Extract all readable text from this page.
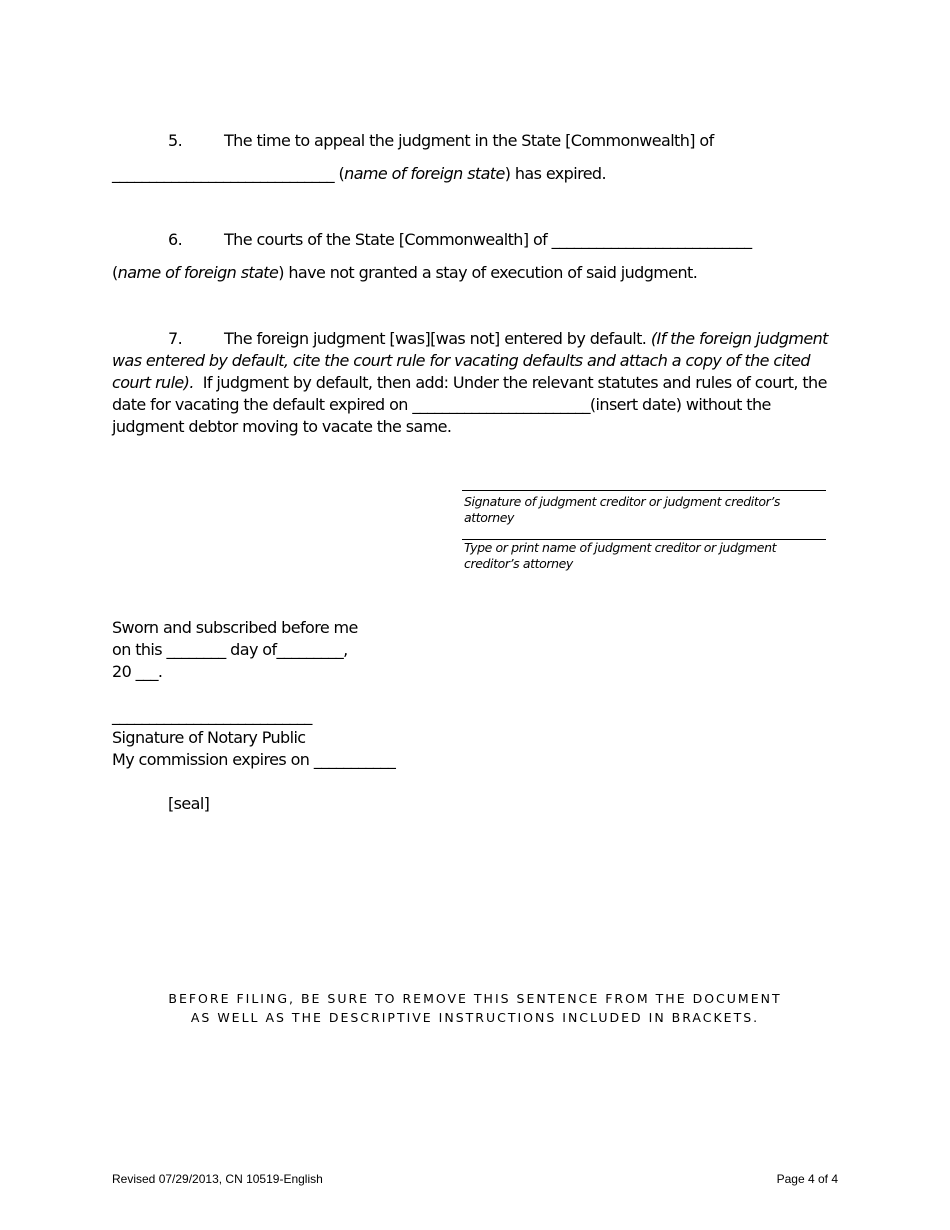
5.	The time to appeal the judgment in the State [Commonwealth] of
______________________________ (name of foreign state) has expired.
6.	The courts of the State [Commonwealth] of ___________________________
(name of foreign state) have not granted a stay of execution of said judgment.
7.	The foreign judgment [was][was not] entered by default. (If the foreign judgment was entered by default, cite the court rule for vacating defaults and attach a copy of the cited court rule). If judgment by default, then add: Under the relevant statutes and rules of court, the date for vacating the default expired on ________________________(insert date) without the judgment debtor moving to vacate the same.
Signature of judgment creditor or judgment creditor’s attorney
Type or print name of judgment creditor or judgment creditor’s attorney
Sworn and subscribed before me
on this ________ day of_________,
20 ___.
___________________________
Signature of Notary Public
My commission expires on ___________
[seal]
BEFORE FILING, BE SURE TO REMOVE THIS SENTENCE FROM THE DOCUMENT
AS WELL AS THE DESCRIPTIVE INSTRUCTIONS INCLUDED IN BRACKETS.
Revised 07/29/2013, CN 10519-English	Page 4 of 4
